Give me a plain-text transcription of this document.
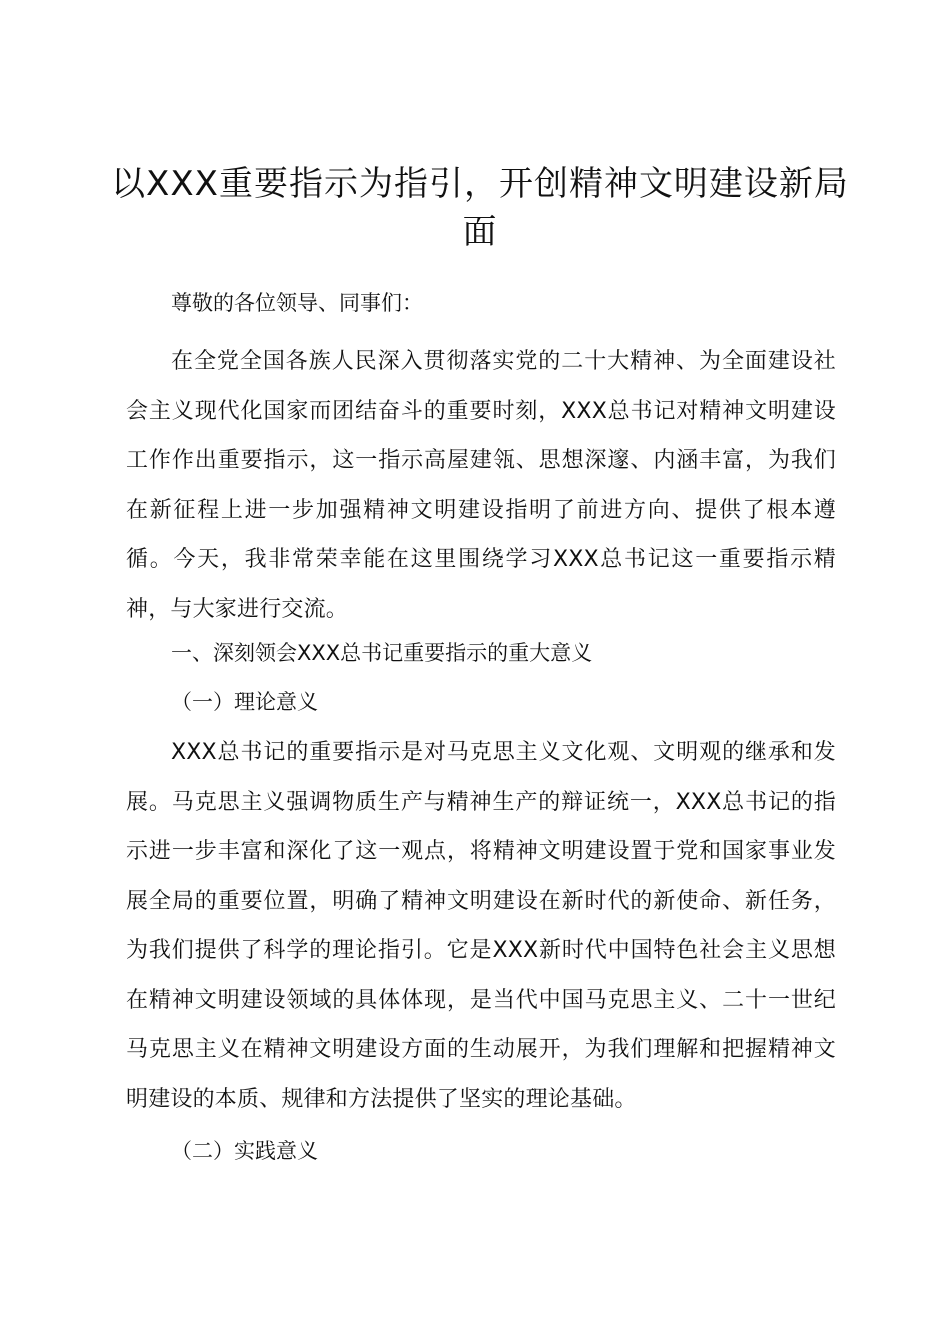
以XXX重要指示为指引，开创精神文明建设新局面
尊敬的各位领导、同事们：

在全党全国各族人民深入贯彻落实党的二十大精神、为全面建设社会主义现代化国家而团结奋斗的重要时刻，XXX总书记对精神文明建设工作作出重要指示，这一指示高屋建瓴、思想深邃、内涵丰富，为我们在新征程上进一步加强精神文明建设指明了前进方向、提供了根本遵循。今天，我非常荣幸能在这里围绕学习XXX总书记这一重要指示精神，与大家进行交流。

一、深刻领会XXX总书记重要指示的重大意义
（一）理论意义

XXX总书记的重要指示是对马克思主义文化观、文明观的继承和发展。马克思主义强调物质生产与精神生产的辩证统一，XXX总书记的指示进一步丰富和深化了这一观点，将精神文明建设置于党和国家事业发展全局的重要位置，明确了精神文明建设在新时代的新使命、新任务，为我们提供了科学的理论指引。它是XXX新时代中国特色社会主义思想在精神文明建设领域的具体体现，是当代中国马克思主义、二十一世纪马克思主义在精神文明建设方面的生动展开，为我们理解和把握精神文明建设的本质、规律和方法提供了坚实的理论基础。

（二）实践意义
